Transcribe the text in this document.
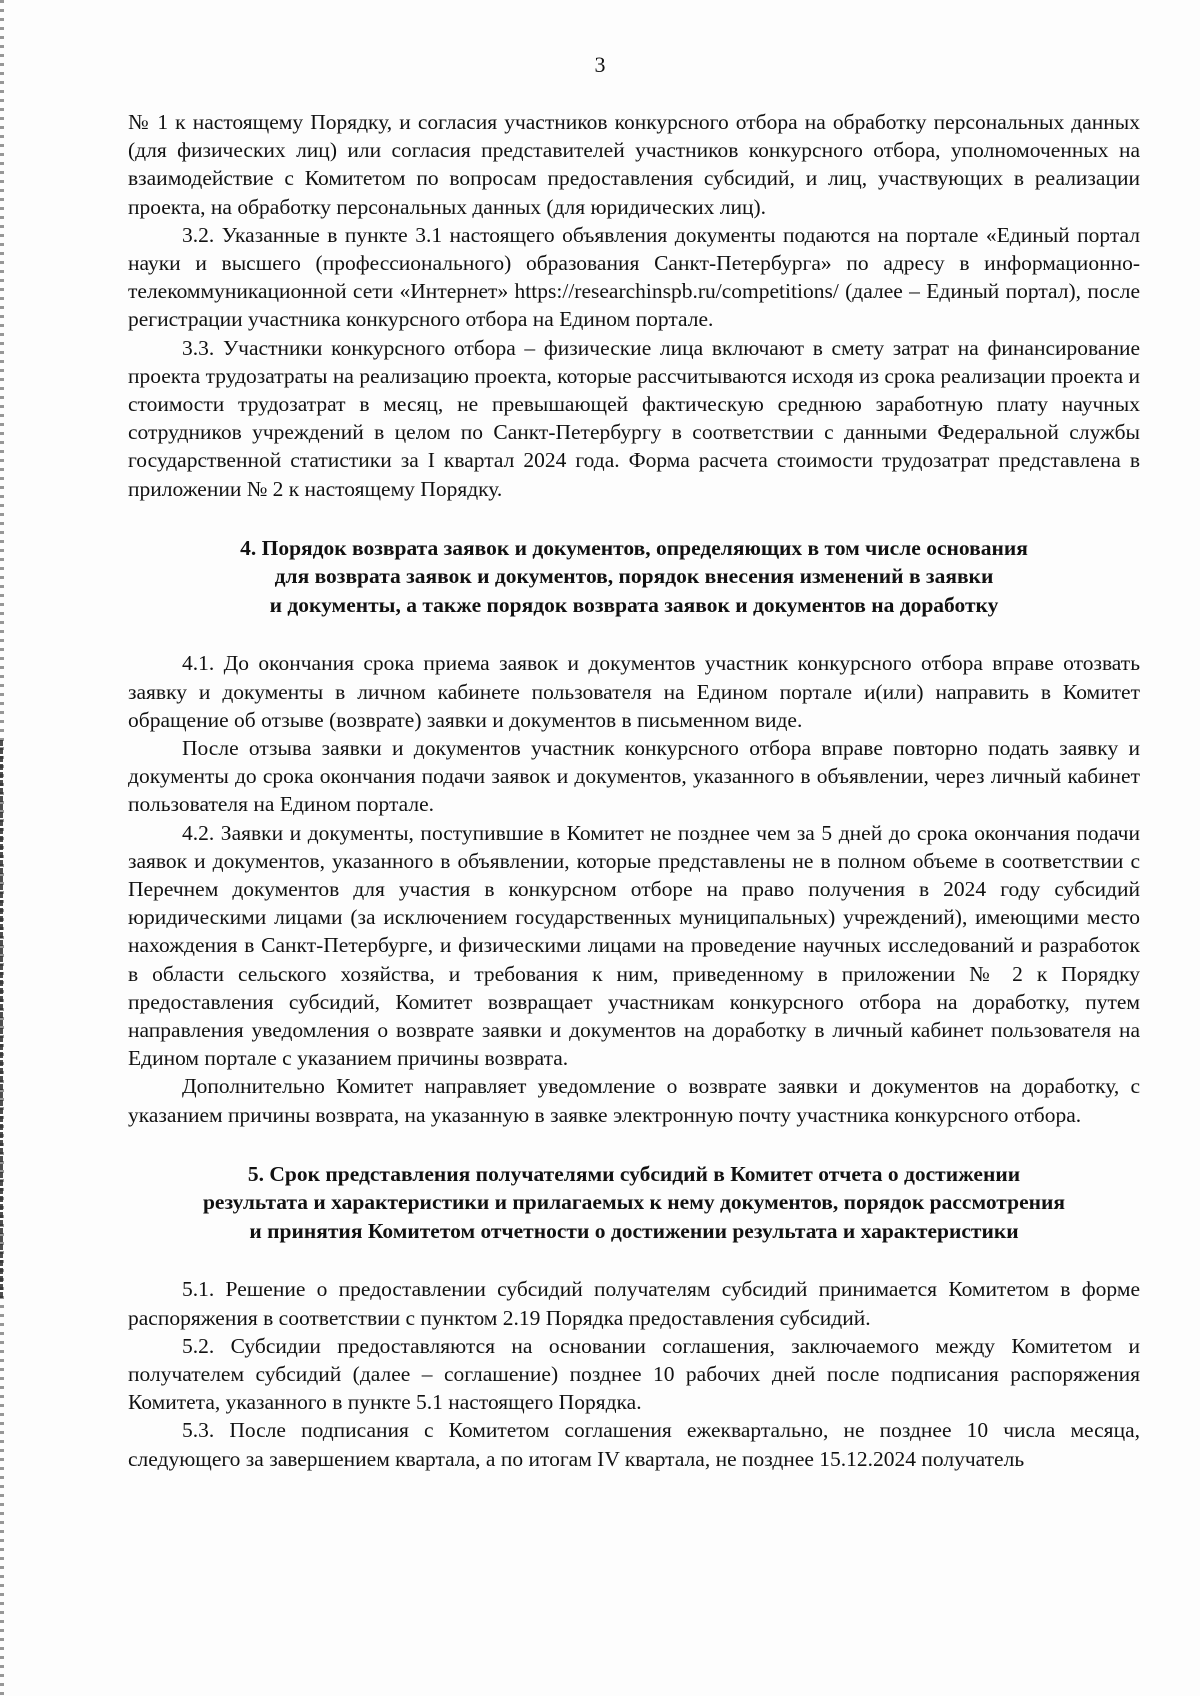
3

№ 1 к настоящему Порядку, и согласия участников конкурсного отбора на обработку персональных данных (для физических лиц) или согласия представителей участников конкурсного отбора, уполномоченных на взаимодействие с Комитетом по вопросам предоставления субсидий, и лиц, участвующих в реализации проекта, на обработку персональных данных (для юридических лиц).

3.2. Указанные в пункте 3.1 настоящего объявления документы подаются на портале «Единый портал науки и высшего (профессионального) образования Санкт-Петербурга» по адресу в информационно-телекоммуникационной сети «Интернет» https://researchinspb.ru/competitions/ (далее – Единый портал), после регистрации участника конкурсного отбора на Едином портале.

3.3. Участники конкурсного отбора – физические лица включают в смету затрат на финансирование проекта трудозатраты на реализацию проекта, которые рассчитываются исходя из срока реализации проекта и стоимости трудозатрат в месяц, не превышающей фактическую среднюю заработную плату научных сотрудников учреждений в целом по Санкт-Петербургу в соответствии с данными Федеральной службы государственной статистики за I квартал 2024 года. Форма расчета стоимости трудозатрат представлена в приложении № 2 к настоящему Порядку.

4. Порядок возврата заявок и документов, определяющих в том числе основания
для возврата заявок и документов, порядок внесения изменений в заявки
и документы, а также порядок возврата заявок и документов на доработку

4.1. До окончания срока приема заявок и документов участник конкурсного отбора вправе отозвать заявку и документы в личном кабинете пользователя на Едином портале и(или) направить в Комитет обращение об отзыве (возврате) заявки и документов в письменном виде.

После отзыва заявки и документов участник конкурсного отбора вправе повторно подать заявку и документы до срока окончания подачи заявок и документов, указанного в объявлении, через личный кабинет пользователя на Едином портале.

4.2. Заявки и документы, поступившие в Комитет не позднее чем за 5 дней до срока окончания подачи заявок и документов, указанного в объявлении, которые представлены не в полном объеме в соответствии с Перечнем документов для участия в конкурсном отборе на право получения в 2024 году субсидий юридическими лицами (за исключением государственных муниципальных) учреждений), имеющими место нахождения в Санкт-Петербурге, и физическими лицами на проведение научных исследований и разработок в области сельского хозяйства, и требования к ним, приведенному в приложении № 2 к Порядку предоставления субсидий, Комитет возвращает участникам конкурсного отбора на доработку, путем направления уведомления о возврате заявки и документов на доработку в личный кабинет пользователя на Едином портале с указанием причины возврата.

Дополнительно Комитет направляет уведомление о возврате заявки и документов на доработку, с указанием причины возврата, на указанную в заявке электронную почту участника конкурсного отбора.

5. Срок представления получателями субсидий в Комитет отчета о достижении
результата и характеристики и прилагаемых к нему документов, порядок рассмотрения
и принятия Комитетом отчетности о достижении результата и характеристики

5.1. Решение о предоставлении субсидий получателям субсидий принимается Комитетом в форме распоряжения в соответствии с пунктом 2.19 Порядка предоставления субсидий.

5.2. Субсидии предоставляются на основании соглашения, заключаемого между Комитетом и получателем субсидий (далее – соглашение) позднее 10 рабочих дней после подписания распоряжения Комитета, указанного в пункте 5.1 настоящего Порядка.

5.3. После подписания с Комитетом соглашения ежеквартально, не позднее 10 числа месяца, следующего за завершением квартала, а по итогам IV квартала, не позднее 15.12.2024 получатель
